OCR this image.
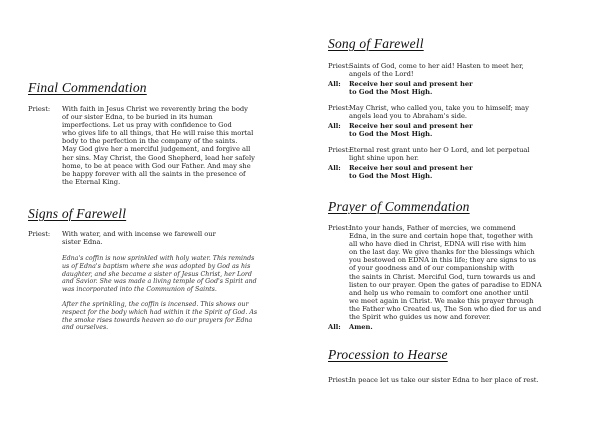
Final Commendation
Priest: With faith in Jesus Christ we reverently bring the body
of our sister Edna, to be buried in its human
imperfections. Let us pray with confidence to God
who gives life to all things, that He will raise this mortal
body to the perfection in the company of the saints.
May God give her a merciful judgement, and forgive all
her sins. May Christ, the Good Shepherd, lead her safely
home, to be at peace with God our Father. And may she
be happy forever with all the saints in the presence of
the Eternal King.
Signs of Farewell
Priest: With water, and with incense we farewell our
sister Edna.
Edna's coffin is now sprinkled with holy water. This reminds
us of Edna's baptism where she was adopted by God as his
daughter, and she became a sister of Jesus Christ, her Lord
and Savior. She was made a living temple of God's Spirit and
was incorporated into the Communion of Saints.
After the sprinkling, the coffin is incensed. This shows our
respect for the body which had within it the Spirit of God. As
the smoke rises towards heaven so do our prayers for Edna
and ourselves.
Song of Farewell
Priest:
Saints of God, come to her aid! Hasten to meet her,
angels of the Lord!
All: Receive her soul and present her
to God the Most High.
Priest:
May Christ, who called you, take you to himself; may
angels lead you to Abraham's side.
All: Receive her soul and present her
to God the Most High.
Priest:
Eternal rest grant unto her O Lord, and let perpetual
light shine upon her.
All: Receive her soul and present her
to God the Most High.
Prayer of Commendation
Priest:
Into your hands, Father of mercies, we commend
Edna, in the sure and certain hope that, together with
all who have died in Christ, EDNA will rise with him
on the last day. We give thanks for the blessings which
you bestowed on EDNA in this life; they are signs to us
of your goodness and of our companionship with
the saints in Christ. Merciful God, turn towards us and
listen to our prayer. Open the gates of paradise to EDNA
and help us who remain to comfort one another until
we meet again in Christ. We make this prayer through
the Father who Created us, The Son who died for us and
the Spirit who guides us now and forever.
All: Amen.
Procession to Hearse
Priest:
In peace let us take our sister Edna to her place of rest.
